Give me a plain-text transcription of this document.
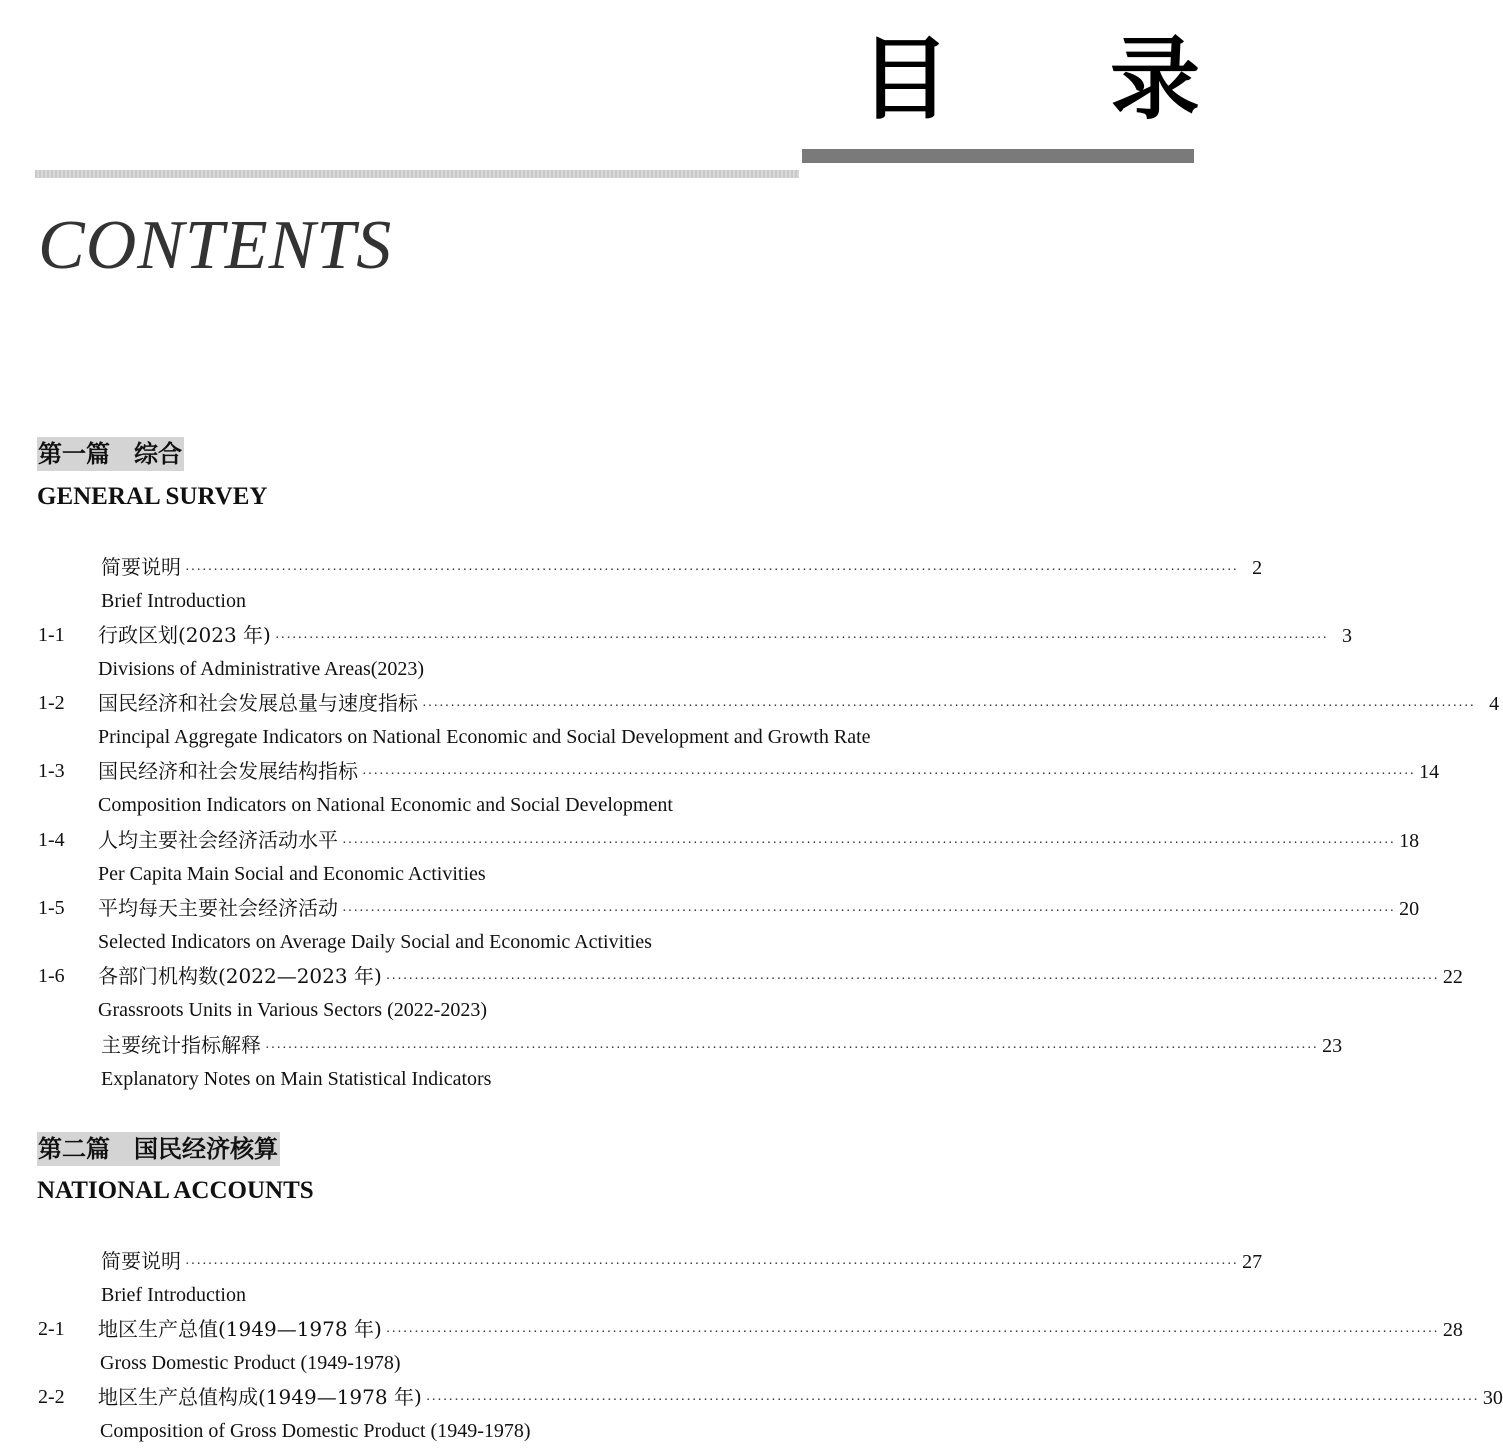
目 录
CONTENTS
第一篇　综合
GENERAL SURVEY
简要说明 ·························································································································································································· 2
Brief Introduction
1-1 行政区划(2023 年) ·························································································································································································· 3
Divisions of Administrative Areas(2023)
1-2 国民经济和社会发展总量与速度指标 ·························································································································································································· 4
Principal Aggregate Indicators on National Economic and Social Development and Growth Rate
1-3 国民经济和社会发展结构指标 ·························································································································································································· 14
Composition Indicators on National Economic and Social Development
1-4 人均主要社会经济活动水平 ·························································································································································································· 18
Per Capita Main Social and Economic Activities
1-5 平均每天主要社会经济活动 ·························································································································································································· 20
Selected Indicators on Average Daily Social and Economic Activities
1-6 各部门机构数(2022—2023 年) ·························································································································································································· 22
Grassroots Units in Various Sectors (2022-2023)
主要统计指标解释 ·························································································································································································· 23
Explanatory Notes on Main Statistical Indicators
第二篇　国民经济核算
NATIONAL ACCOUNTS
简要说明 ·························································································································································································· 27
Brief Introduction
2-1 地区生产总值(1949—1978 年) ·························································································································································································· 28
Gross Domestic Product (1949-1978)
2-2 地区生产总值构成(1949—1978 年) ·························································································································································································· 30
Composition of Gross Domestic Product (1949-1978)
